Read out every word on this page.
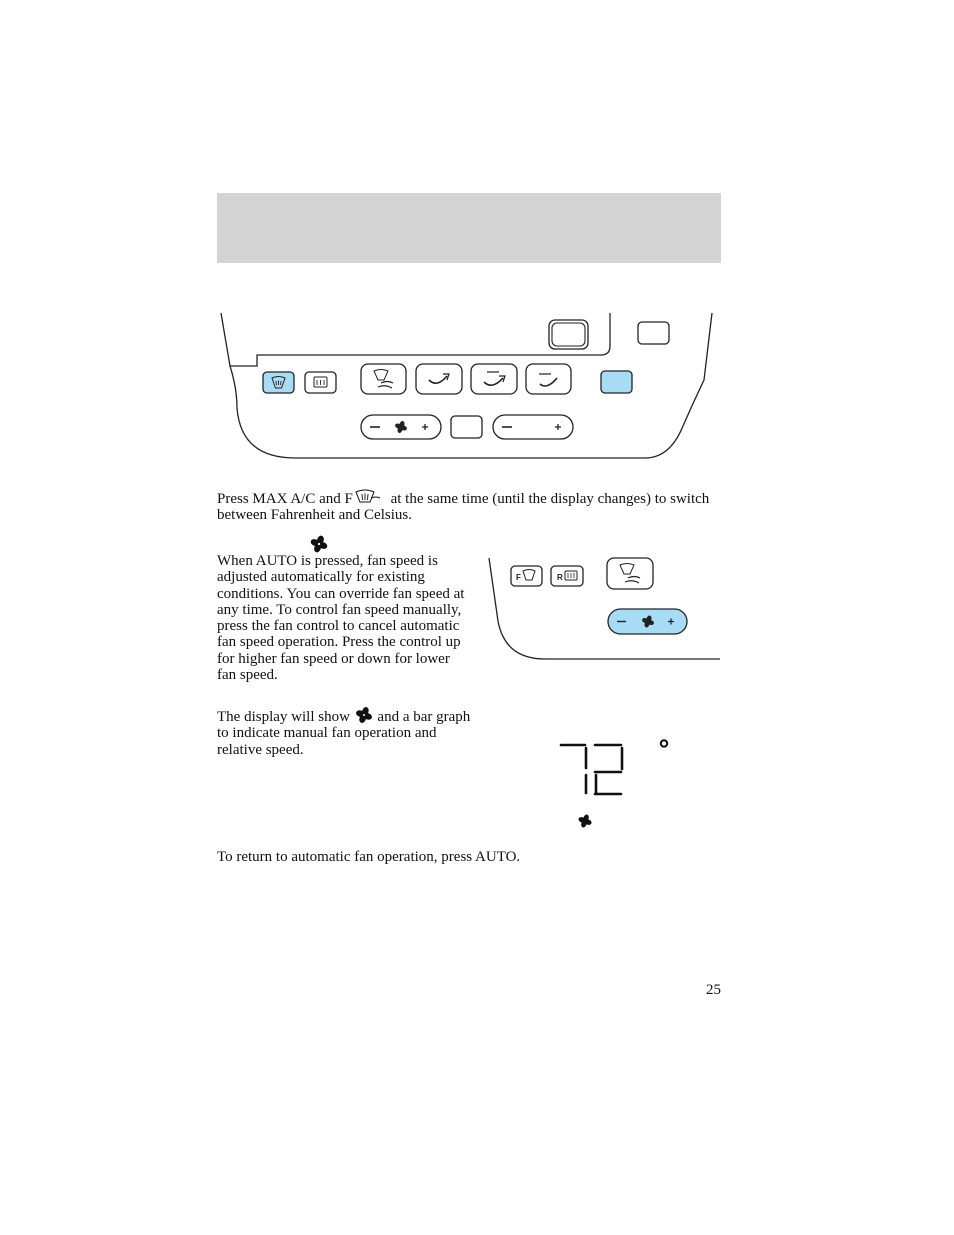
Press MAX A/C and F
at the same time (until the display changes) to switch between Fahrenheit and Celsius.
When AUTO is pressed, fan speed is adjusted automatically for existing conditions. You can override fan speed at any time. To control fan speed manually, press the fan control to cancel automatic fan speed operation. Press the control up for higher fan speed or down for lower fan speed.
The display will show
and a bar graph to indicate manual fan operation and relative speed.
F	R
To return to automatic fan operation, press AUTO.
25
